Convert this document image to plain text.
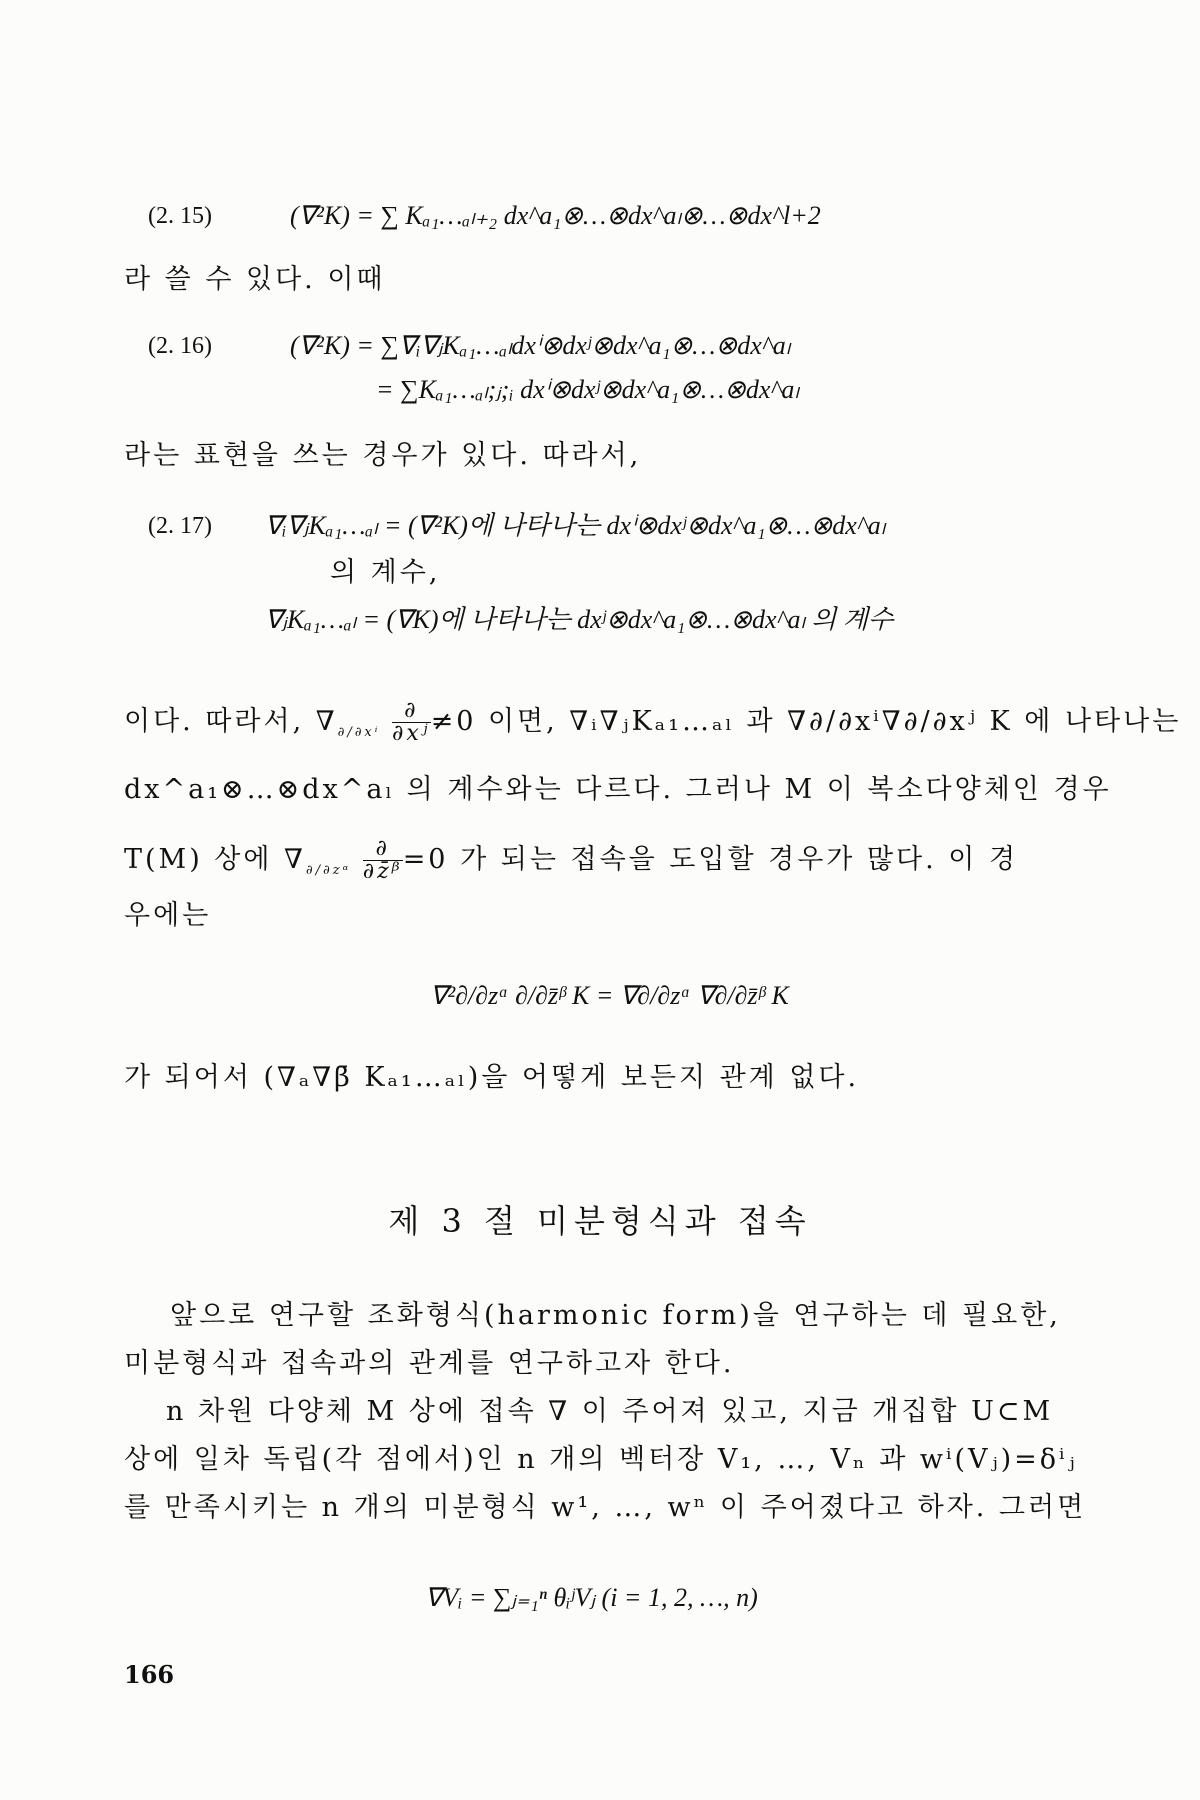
(2. 15)	(∇²K) = ∑ Kₐ₁…ₐₗ₊₂ dx^a₁⊗…⊗dx^aₗ⊗…⊗dx^l+2
라 쓸 수 있다. 이때
(2. 16)	(∇²K) = ∑∇ᵢ∇ⱼKₐ₁…ₐₗdxⁱ⊗dxʲ⊗dx^a₁⊗…⊗dx^aₗ
= ∑Kₐ₁…ₐₗ;ⱼ;ᵢ dxⁱ⊗dxʲ⊗dx^a₁⊗…⊗dx^aₗ
라는 표현을 쓰는 경우가 있다. 따라서,
(2. 17) ∇ᵢ∇ⱼKₐ₁…ₐₗ = (∇²K)에 나타나는 dxⁱ⊗dxʲ⊗dx^a₁⊗…⊗dx^aₗ
의 계수,
∇ⱼKₐ₁…ₐₗ = (∇K)에 나타나는 dxʲ⊗dx^a₁⊗…⊗dx^aₗ 의 계수
이다. 따라서, $\nabla_{\partial/\partial x^i} \frac{\partial}{\text{∂xʲ}} \ne 0$ 이면, ∇ᵢ∇ⱼKₐ₁…ₐₗ 과 ∇∂/∂xⁱ∇∂/∂xʲ K 에 나타나는
dx^a₁⊗…⊗dx^aₗ 의 계수와는 다르다. 그러나 M 이 복소다양체인 경우
T(M) 상에 $\nabla_{\partial/\partial zᵅ} \frac{\partial}{\text{∂z̄ᵝ}} =0$ 가 되는 접속을 도입할 경우가 많다. 이 경
우에는
∇²∂/∂zᵅ ∂/∂z̄ᵝ K = ∇∂/∂zᵅ ∇∂/∂z̄ᵝ K
가 되어서 (∇ₐ∇β̄ Kₐ₁…ₐₗ)을 어떻게 보든지 관계 없다.
제 3 절 미분형식과 접속
앞으로 연구할 조화형식(harmonic form)을 연구하는 데 필요한,
미분형식과 접속과의 관계를 연구하고자 한다.
n 차원 다양체 M 상에 접속 ∇ 이 주어져 있고, 지금 개집합 U⊂M
상에 일차 독립(각 점에서)인 n 개의 벡터장 V₁, …, Vₙ 과 wⁱ(Vⱼ)=δⁱⱼ
를 만족시키는 n 개의 미분형식 w¹, …, wⁿ 이 주어졌다고 하자. 그러면
∇Vᵢ = ∑ⱼ₌₁ⁿ θᵢʲVⱼ (i = 1, 2, …, n)
166
